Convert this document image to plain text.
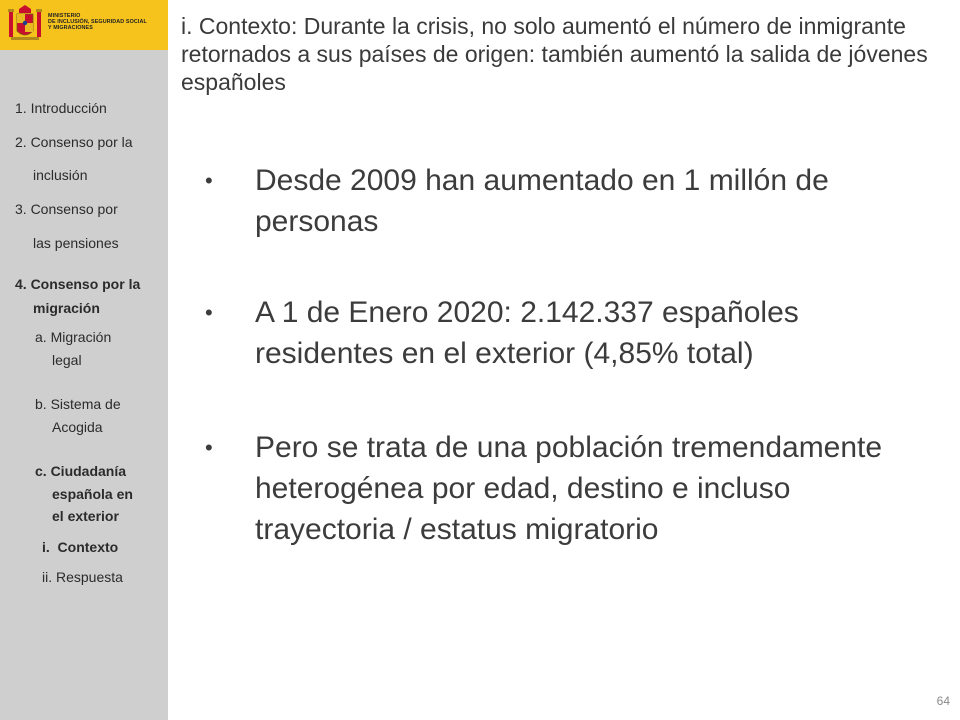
MINISTERIO
DE INCLUSIÓN, SEGURIDAD SOCIAL
Y MIGRACIONES
1. Introducción
2. Consenso por la
inclusión
3. Consenso por
las pensiones
4. Consenso por la
migración
a. Migración
legal
b. Sistema de
Acogida
c. Ciudadanía
española en
el exterior
i.  Contexto
ii. Respuesta
i. Contexto: Durante la crisis, no solo aumentó el número de inmigrante retornados a sus países de origen: también aumentó la salida de jóvenes españoles
• Desde 2009 han aumentado en 1 millón de personas
• A 1 de Enero 2020: 2.142.337 españoles residentes en el exterior (4,85% total)
• Pero se trata de una población tremendamente heterogénea por edad, destino e incluso trayectoria / estatus migratorio
64
